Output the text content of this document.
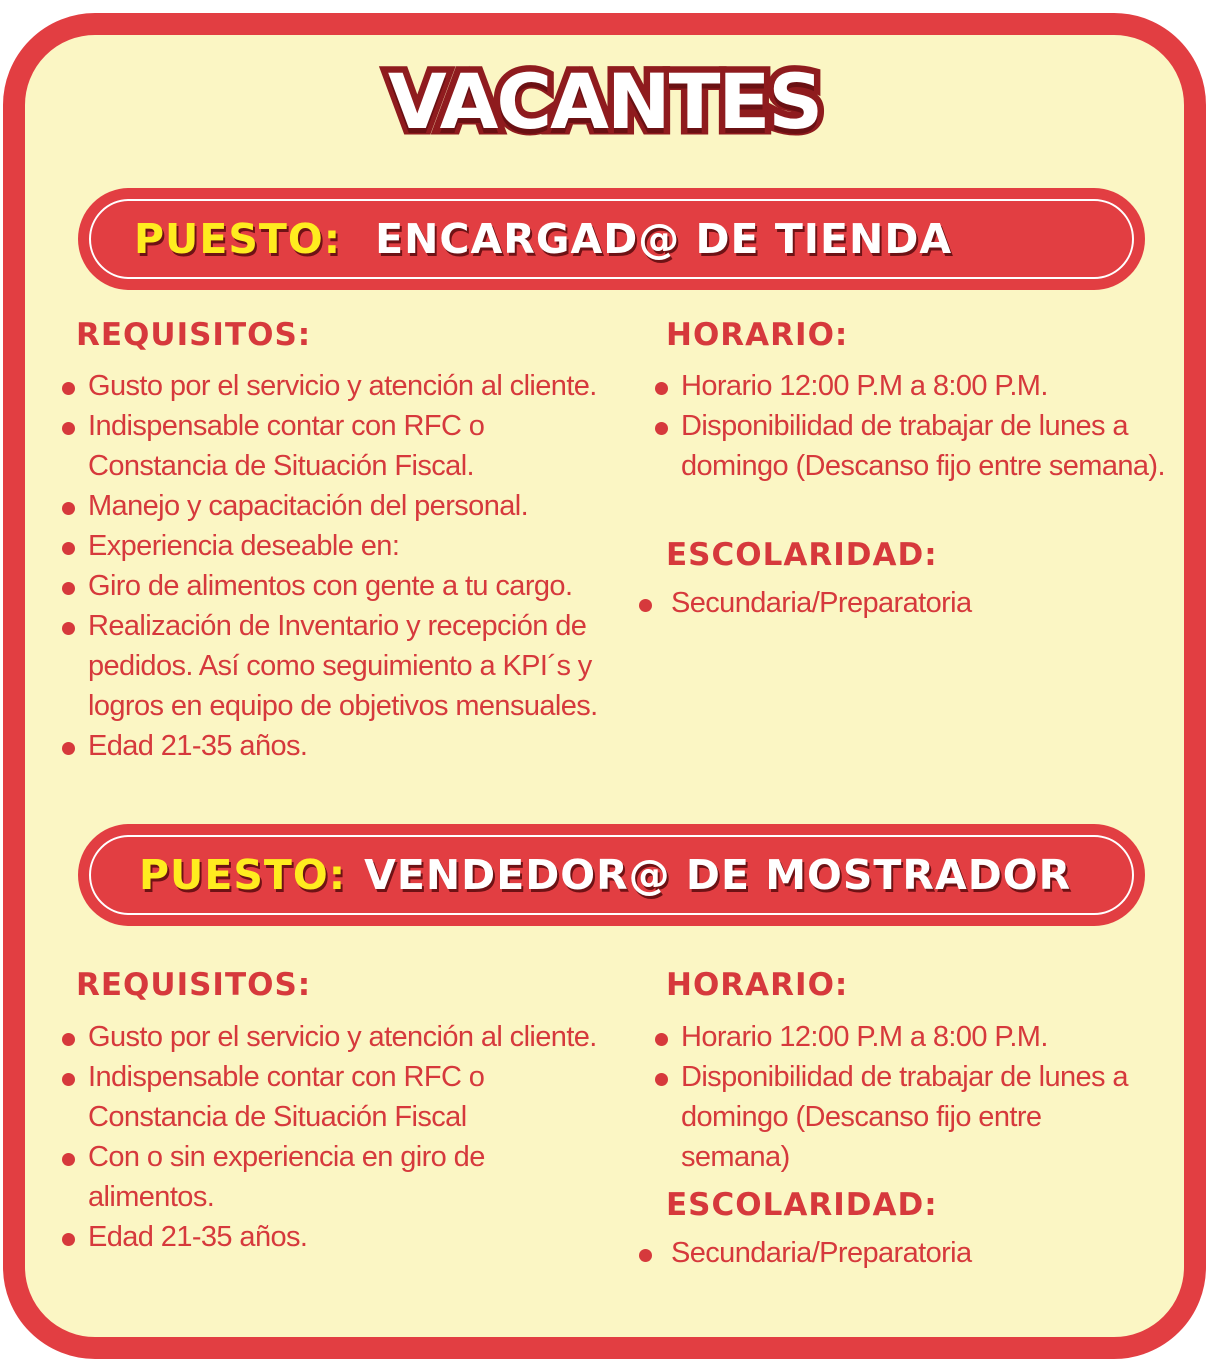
VACANTES
PUESTO: ENCARGAD@ DE TIENDA
REQUISITOS:
Gusto por el servicio y atención al cliente.
Indispensable contar con RFC o Constancia de Situación Fiscal.
Manejo y capacitación del personal.
Experiencia deseable en:
Giro de alimentos con gente a tu cargo.
Realización de Inventario y recepción de pedidos. Así como seguimiento a KPI´s y logros en equipo de objetivos mensuales.
Edad 21-35 años.
HORARIO:
Horario 12:00 P.M a 8:00 P.M.
Disponibilidad de trabajar de lunes a domingo (Descanso fijo entre semana).
ESCOLARIDAD:
Secundaria/Preparatoria
PUESTO: VENDEDOR@ DE MOSTRADOR
REQUISITOS:
Gusto por el servicio y atención al cliente.
Indispensable contar con RFC o Constancia de Situación Fiscal
Con o sin experiencia en giro de alimentos.
Edad 21-35 años.
HORARIO:
Horario 12:00 P.M a 8:00 P.M.
Disponibilidad de trabajar de lunes a domingo (Descanso fijo entre semana)
ESCOLARIDAD:
Secundaria/Preparatoria
